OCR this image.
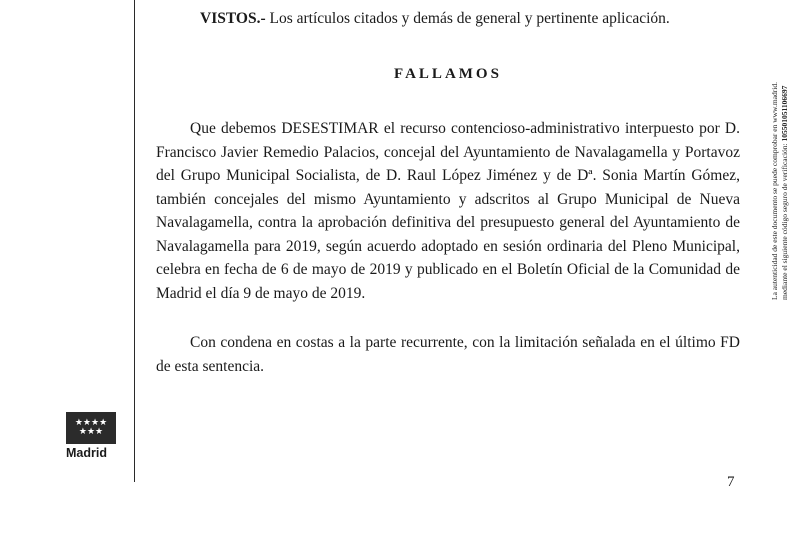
★★★★
★★★
Madrid
VISTOS.- Los artículos citados y demás de general y pertinente aplicación.
FALLAMOS

Que debemos DESESTIMAR el recurso contencioso-administrativo interpuesto por D. Francisco Javier Remedio Palacios, concejal del Ayuntamiento de Navalagamella y Portavoz del Grupo Municipal Socialista, de D. Raul López Jiménez y de Dª. Sonia Martín Gómez, también concejales del mismo Ayuntamiento y adscritos al Grupo Municipal de Nueva Navalagamella, contra la aprobación definitiva del presupuesto general del Ayuntamiento de Navalagamella para 2019, según acuerdo adoptado en sesión ordinaria del Pleno Municipal, celebra en fecha de 6 de mayo de 2019 y publicado en el Boletín Oficial de la Comunidad de Madrid el día 9 de mayo de 2019.

Con condena en costas a la parte recurrente, con la limitación señalada en el último FD de esta sentencia.

7
La autenticidad de este documento se puede comprobar en www.madrid. mediante el siguiente código seguro de verificación: 105501051106697
